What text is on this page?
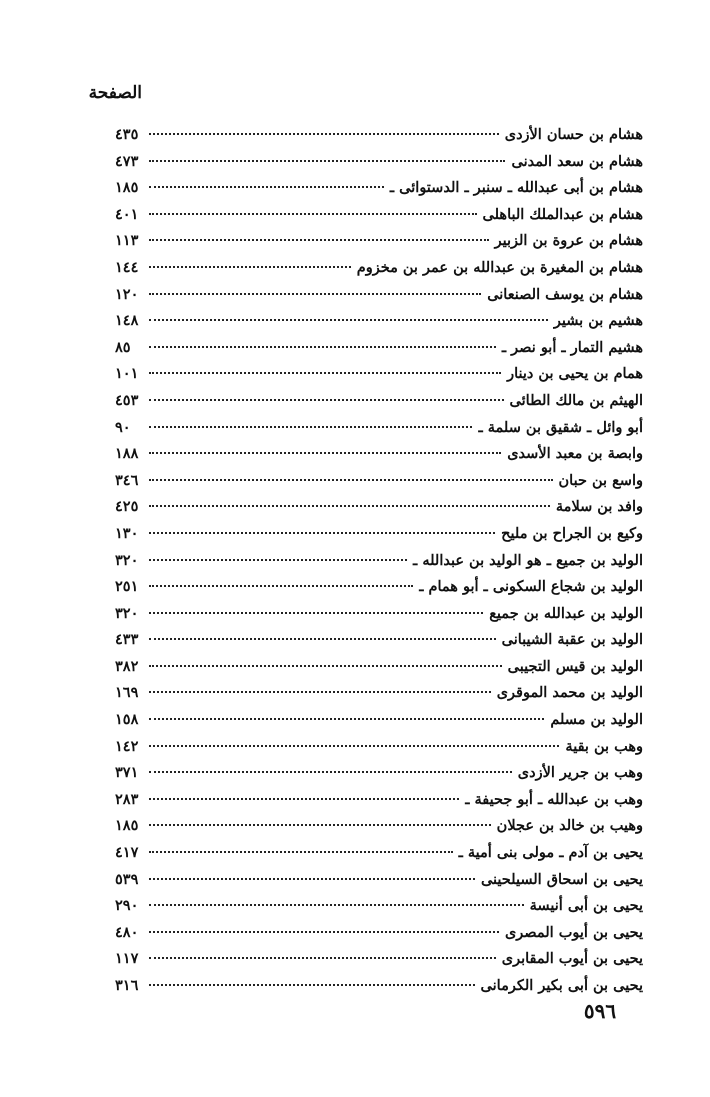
الصفحة
هشام بن حسان الأزدى
٤٣٥
هشام بن سعد المدنى
٤٧٣
هشام بن أبى عبدالله ـ سنبر ـ الدستوائى ـ
١٨٥
هشام بن عبدالملك الباهلى
٤٠١
هشام بن عروة بن الزبير
١١٣
هشام بن المغيرة بن عبدالله بن عمر بن مخزوم
١٤٤
هشام بن يوسف الصنعانى
١٢٠
هشيم بن بشير
١٤٨
هشيم التمار ـ أبو نصر ـ
٨٥
همام بن يحيى بن دينار
١٠١
الهيثم بن مالك الطائى
٤٥٣
أبو وائل ـ شقيق بن سلمة ـ
٩٠
وابصة بن معبد الأسدى
١٨٨
واسع بن حبان
٣٤٦
وافد بن سلامة
٤٢٥
وكيع بن الجراح بن مليح
١٣٠
الوليد بن جميع ـ هو الوليد بن عبدالله ـ
٣٢٠
الوليد بن شجاع السكونى ـ أبو همام ـ
٢٥١
الوليد بن عبدالله بن جميع
٣٢٠
الوليد بن عقبة الشيبانى
٤٣٣
الوليد بن قيس التجيبى
٣٨٢
الوليد بن محمد الموقرى
١٦٩
الوليد بن مسلم
١٥٨
وهب بن بقية
١٤٢
وهب بن جرير الأزدى
٣٧١
وهب بن عبدالله ـ أبو جحيفة ـ
٢٨٣
وهيب بن خالد بن عجلان
١٨٥
يحيى بن آدم ـ مولى بنى أمية ـ
٤١٧
يحيى بن اسحاق السيلحينى
٥٣٩
يحيى بن أبى أنيسة
٢٩٠
يحيى بن أيوب المصرى
٤٨٠
يحيى بن أيوب المقابرى
١١٧
يحيى بن أبى بكير الكرمانى
٣١٦
٥٩٦
